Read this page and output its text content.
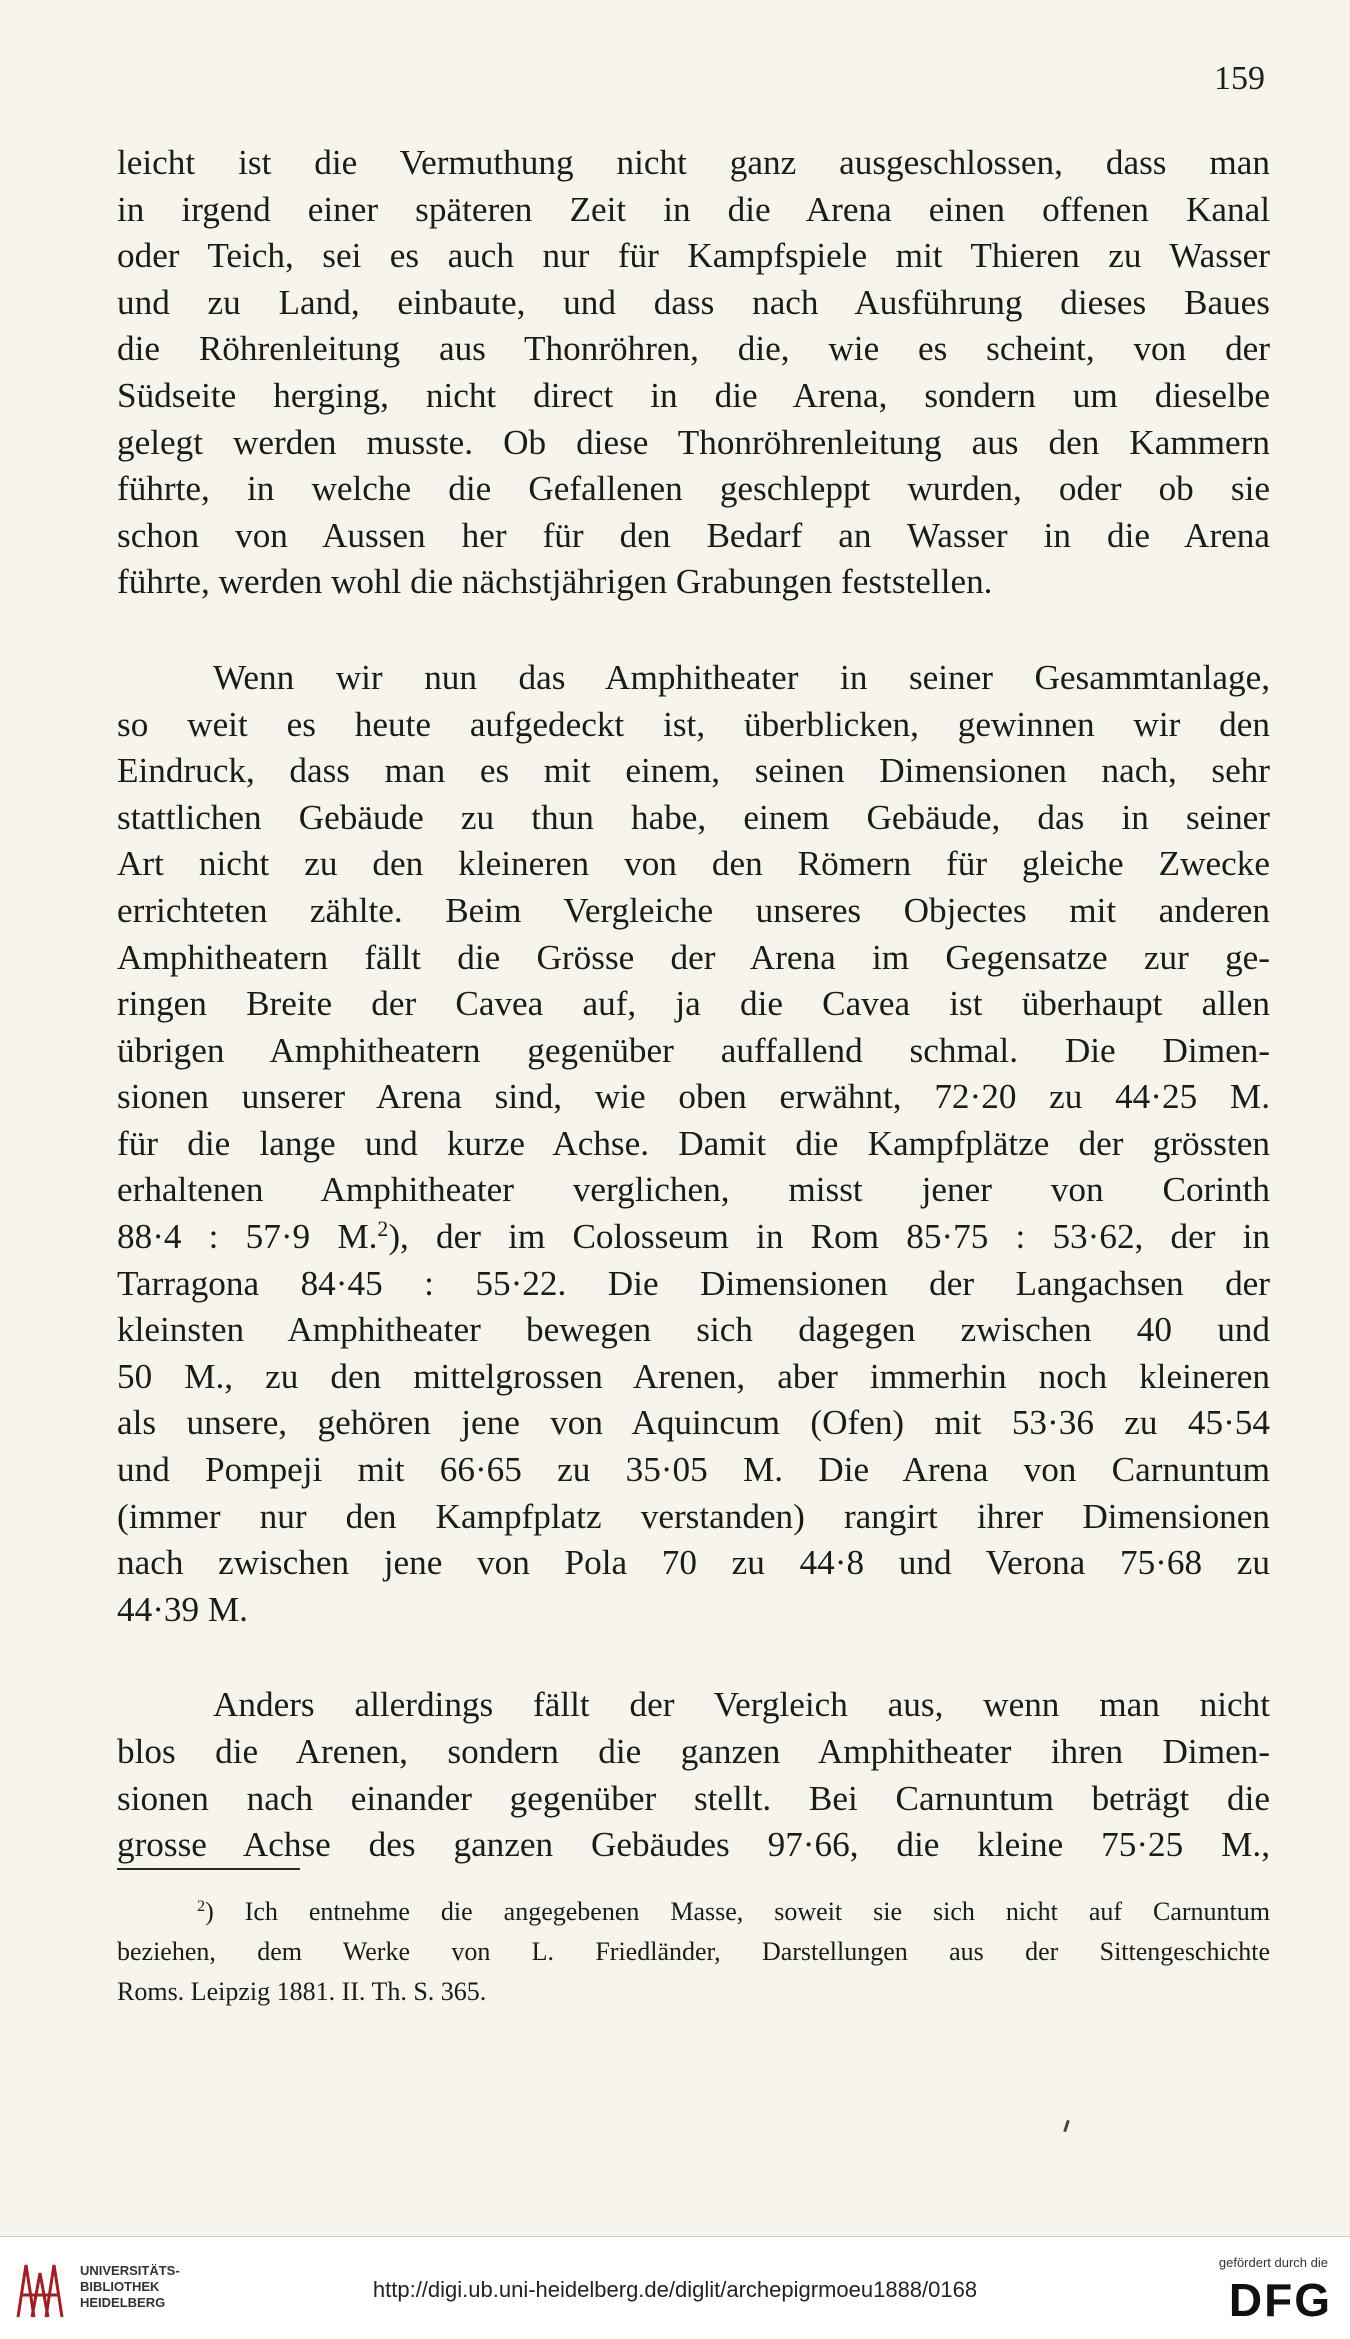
159
leicht ist die Vermuthung nicht ganz ausgeschlossen, dass man
in irgend einer späteren Zeit in die Arena einen offenen Kanal
oder Teich, sei es auch nur für Kampfspiele mit Thieren zu Wasser
und zu Land, einbaute, und dass nach Ausführung dieses Baues
die Röhrenleitung aus Thonröhren, die, wie es scheint, von der
Südseite herging, nicht direct in die Arena, sondern um dieselbe
gelegt werden musste. Ob diese Thonröhrenleitung aus den Kammern
führte, in welche die Gefallenen geschleppt wurden, oder ob sie
schon von Aussen her für den Bedarf an Wasser in die Arena
führte, werden wohl die nächstjährigen Grabungen feststellen.
Wenn wir nun das Amphitheater in seiner Gesammtanlage,
so weit es heute aufgedeckt ist, überblicken, gewinnen wir den
Eindruck, dass man es mit einem, seinen Dimensionen nach, sehr
stattlichen Gebäude zu thun habe, einem Gebäude, das in seiner
Art nicht zu den kleineren von den Römern für gleiche Zwecke
errichteten zählte. Beim Vergleiche unseres Objectes mit anderen
Amphitheatern fällt die Grösse der Arena im Gegensatze zur ge-
ringen Breite der Cavea auf, ja die Cavea ist überhaupt allen
übrigen Amphitheatern gegenüber auffallend schmal. Die Dimen-
sionen unserer Arena sind, wie oben erwähnt, 72·20 zu 44·25 M.
für die lange und kurze Achse. Damit die Kampfplätze der grössten
erhaltenen Amphitheater verglichen, misst jener von Corinth
88·4 : 57·9 M.$^2$), der im Colosseum in Rom 85·75 : 53·62, der in
Tarragona 84·45 : 55·22. Die Dimensionen der Langachsen der
kleinsten Amphitheater bewegen sich dagegen zwischen 40 und
50 M., zu den mittelgrossen Arenen, aber immerhin noch kleineren
als unsere, gehören jene von Aquincum (Ofen) mit 53·36 zu 45·54
und Pompeji mit 66·65 zu 35·05 M. Die Arena von Carnuntum
(immer nur den Kampfplatz verstanden) rangirt ihrer Dimensionen
nach zwischen jene von Pola 70 zu 44·8 und Verona 75·68 zu
44·39 M.
Anders allerdings fällt der Vergleich aus, wenn man nicht
blos die Arenen, sondern die ganzen Amphitheater ihren Dimen-
sionen nach einander gegenüber stellt. Bei Carnuntum beträgt die
grosse Achse des ganzen Gebäudes 97·66, die kleine 75·25 M.,
$^2$) Ich entnehme die angegebenen Masse, soweit sie sich nicht auf Carnuntum
beziehen, dem Werke von L. Friedländer, Darstellungen aus der Sittengeschichte
Roms. Leipzig 1881. II. Th. S. 365.
UNIVERSITÄTS-
BIBLIOTHEK
HEIDELBERG
http://digi.ub.uni-heidelberg.de/diglit/archepigrmoeu1888/0168
gefördert durch die
DFG
